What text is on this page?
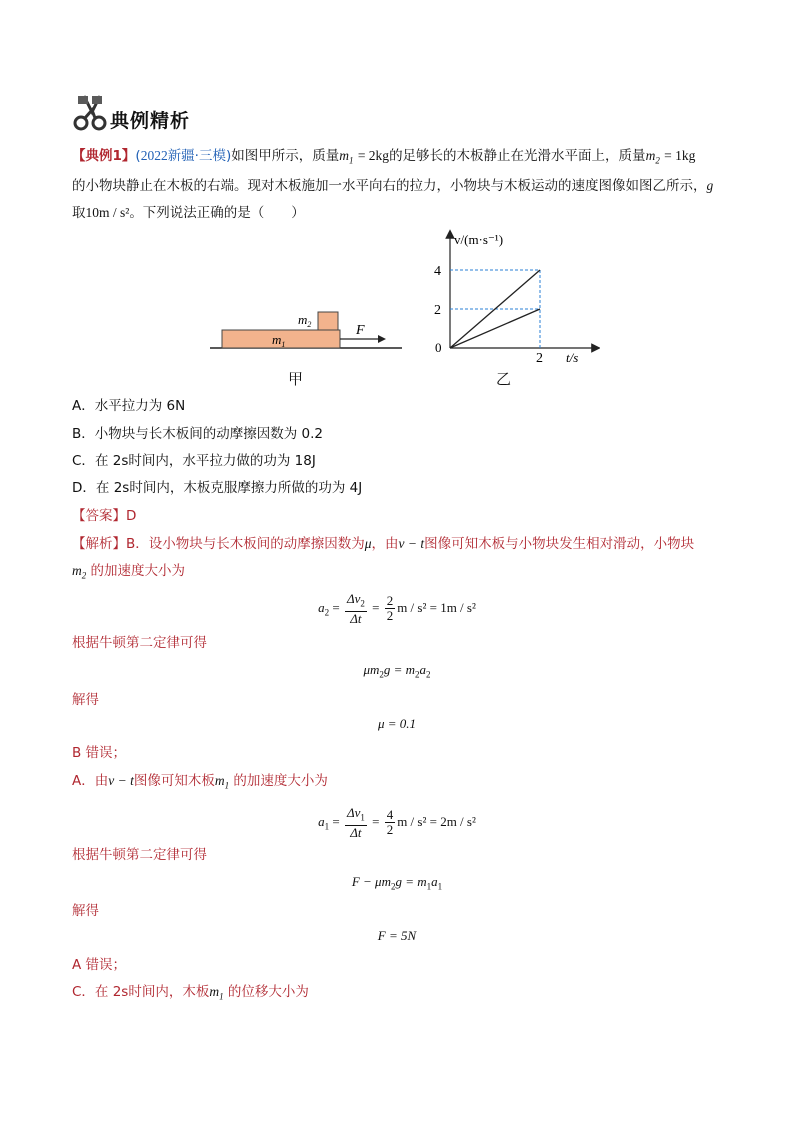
典例精析
【典例1】(2022新疆·三模)如图甲所示，质量$m_1 = 2kg$的足够长的木板静止在光滑水平面上，质量$m_2 = 1kg$
的小物块静止在木板的右端。现对木板施加一水平向右的拉力，小物块与木板运动的速度图像如图乙所示，g
取10m / s²。下列说法正确的是（　　）
$m_1$
$m_2$	F
甲
2
4
2
v/(m·s⁻¹)
t/s
0
乙
A．水平拉力为 6N
B．小物块与长木板间的动摩擦因数为 0.2
C．在 2s时间内，水平拉力做的功为 18J
D．在 2s时间内，木板克服摩擦力所做的功为 4J
【答案】D
【解析】B．设小物块与长木板间的动摩擦因数为μ，由v − t图像可知木板与小物块发生相对滑动，小物块
$m_2$ 的加速度大小为
$a_2 = \frac{\Delta v_2}{\Delta t} = \frac{2}{2}$ m / s² = 1m / s²
根据牛顿第二定律可得
$\mu m_2g = m_2a_2$
解得
μ = 0.1
B 错误；
A．由v − t图像可知木板$m_1$ 的加速度大小为
$a_1 = \frac{\Delta v_1}{\Delta t} = \frac{4}{2}$ m / s² = 2m / s²
根据牛顿第二定律可得
$F - \mu m_2g = m_1a_1$
解得
F = 5N
A 错误；
C．在 2s时间内，木板$m_1$ 的位移大小为
